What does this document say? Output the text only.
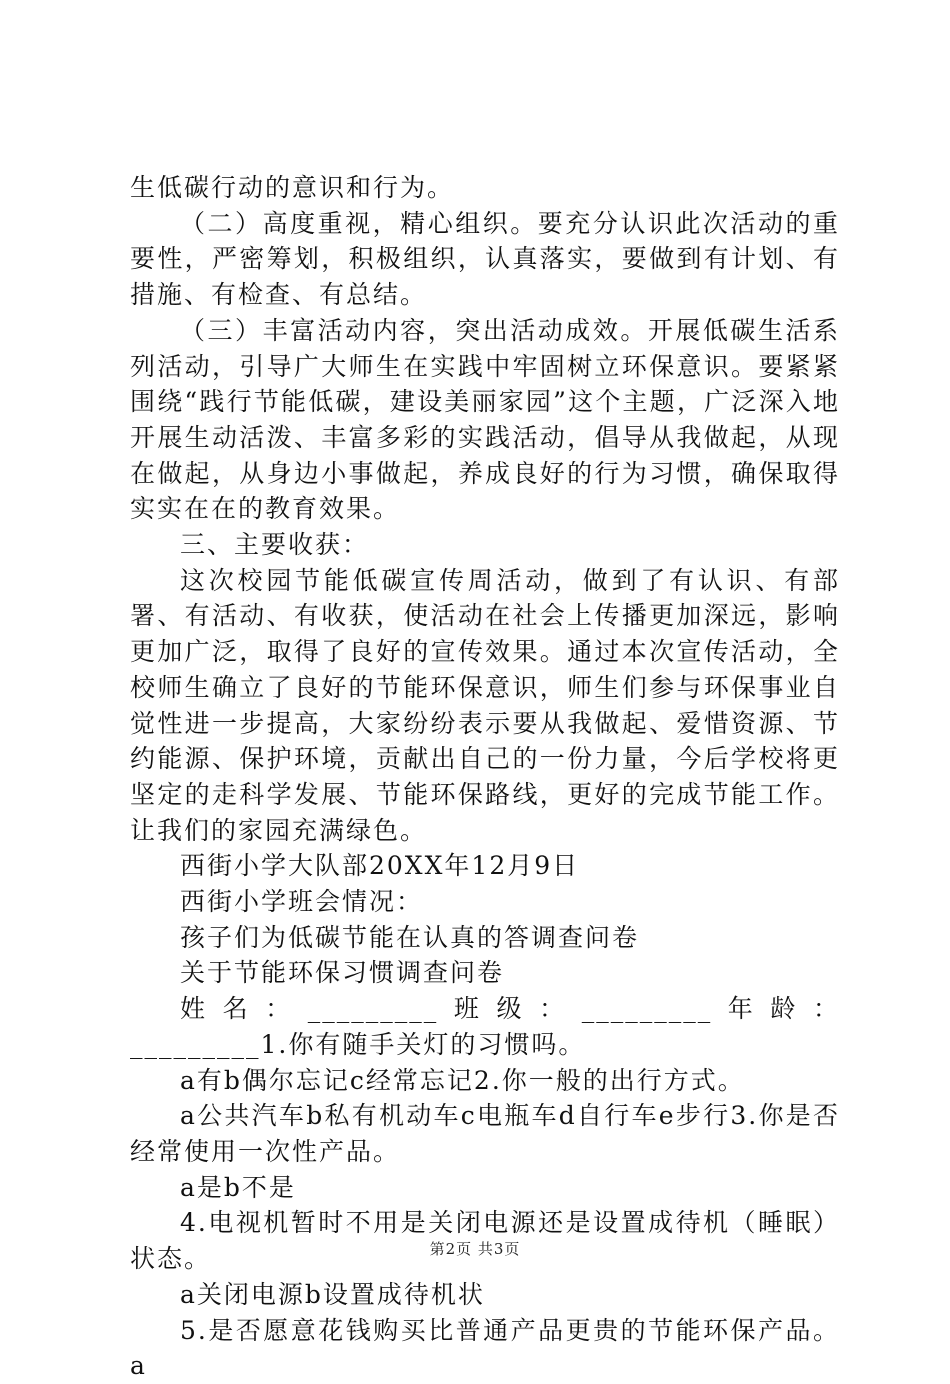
生低碳行动的意识和行为。

（二）高度重视，精心组织。要充分认识此次活动的重要性，严密筹划，积极组织，认真落实，要做到有计划、有措施、有检查、有总结。

（三）丰富活动内容，突出活动成效。开展低碳生活系列活动，引导广大师生在实践中牢固树立环保意识。要紧紧围绕“践行节能低碳，建设美丽家园”这个主题，广泛深入地开展生动活泼、丰富多彩的实践活动，倡导从我做起，从现在做起，从身边小事做起，养成良好的行为习惯，确保取得实实在在的教育效果。

三、主要收获：

这次校园节能低碳宣传周活动，做到了有认识、有部署、有活动、有收获，使活动在社会上传播更加深远，影响更加广泛，取得了良好的宣传效果。通过本次宣传活动，全校师生确立了良好的节能环保意识，师生们参与环保事业自觉性进一步提高，大家纷纷表示要从我做起、爱惜资源、节约能源、保护环境，贡献出自己的一份力量，今后学校将更坚定的走科学发展、节能环保路线，更好的完成节能工作。让我们的家园充满绿色。

西街小学大队部20XX年12月9日

西街小学班会情况：

孩子们为低碳节能在认真的答调查问卷

关于节能环保习惯调查问卷

姓名：_________班级：_________年龄：_________1.你有随手关灯的习惯吗。

a有b偶尔忘记c经常忘记2.你一般的出行方式。

a公共汽车b私有机动车c电瓶车d自行车e步行3.你是否经常使用一次性产品。

a是b不是

4.电视机暂时不用是关闭电源还是设置成待机（睡眠）状态。

a关闭电源b设置成待机状

5.是否愿意花钱购买比普通产品更贵的节能环保产品。a

第2页 共3页
